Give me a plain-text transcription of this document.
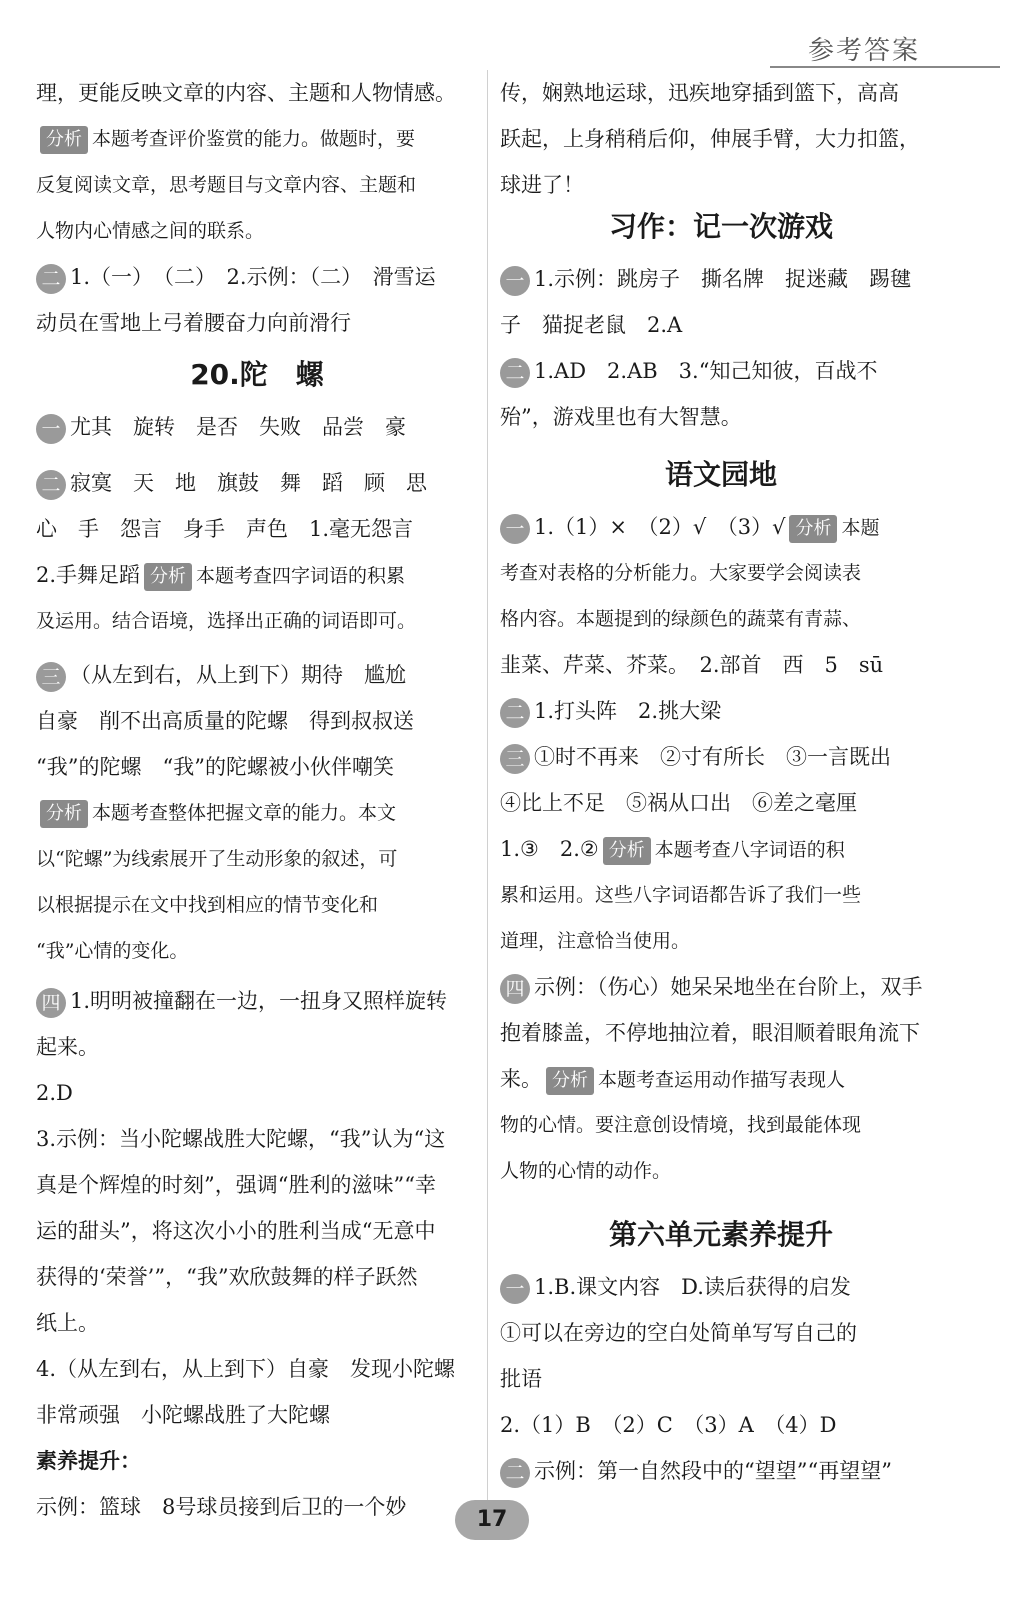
参考答案
理，更能反映文章的内容、主题和人物情感。
分析 本题考查评价鉴赏的能力。做题时，要
反复阅读文章，思考题目与文章内容、主题和
人物内心情感之间的联系。
二 1.（一）　（二）　2.示例：（二）　滑雪运
动员在雪地上弓着腰奋力向前滑行
20.陀　螺
一 尤其　旋转　是否　失败　品尝　豪
二 寂寞　天　地　旗鼓　舞　蹈　顾　思
心　手　怨言　身手　声色　1.毫无怨言
2.手舞足蹈 分析 本题考查四字词语的积累
及运用。结合语境，选择出正确的词语即可。
三 （从左到右，从上到下）期待　尴尬
自豪　削不出高质量的陀螺　得到叔叔送
“我”的陀螺　“我”的陀螺被小伙伴嘲笑
分析 本题考查整体把握文章的能力。本文
以“陀螺”为线索展开了生动形象的叙述，可
以根据提示在文中找到相应的情节变化和
“我”心情的变化。
四 1.明明被撞翻在一边，一扭身又照样旋转
起来。
2.D
3.示例：当小陀螺战胜大陀螺，“我”认为“这
真是个辉煌的时刻”，强调“胜利的滋味”“幸
运的甜头”，将这次小小的胜利当成“无意中
获得的‘荣誉’”，“我”欢欣鼓舞的样子跃然
纸上。
4.（从左到右，从上到下）自豪　发现小陀螺
非常顽强　小陀螺战胜了大陀螺
素养提升：
示例：篮球　8号球员接到后卫的一个妙
传，娴熟地运球，迅疾地穿插到篮下，高高
跃起，上身稍稍后仰，伸展手臂，大力扣篮，
球进了！
习作：记一次游戏
一 1.示例：跳房子　撕名牌　捉迷藏　踢毽
子　猫捉老鼠　2.A
二 1.AD　2.AB　3.“知己知彼，百战不
殆”，游戏里也有大智慧。
语文园地
一 1.（1）×　（2）√　（3）√ 分析 本题
考查对表格的分析能力。大家要学会阅读表
格内容。本题提到的绿颜色的蔬菜有青蒜、
韭菜、芹菜、芥菜。　2.部首　西　5　sū
二 1.打头阵　2.挑大梁
三 ①时不再来　②寸有所长　③一言既出
④比上不足　⑤祸从口出　⑥差之毫厘
1.③　2.② 分析 本题考查八字词语的积
累和运用。这些八字词语都告诉了我们一些
道理，注意恰当使用。
四 示例：（伤心）她呆呆地坐在台阶上，双手
抱着膝盖，不停地抽泣着，眼泪顺着眼角流下
来。 分析 本题考查运用动作描写表现人
物的心情。要注意创设情境，找到最能体现
人物的心情的动作。
第六单元素养提升
一 1.B.课文内容　D.读后获得的启发
①可以在旁边的空白处简单写写自己的
批语
2.（1）B　（2）C　（3）A　（4）D
二 示例：第一自然段中的“望望”“再望望”
17
